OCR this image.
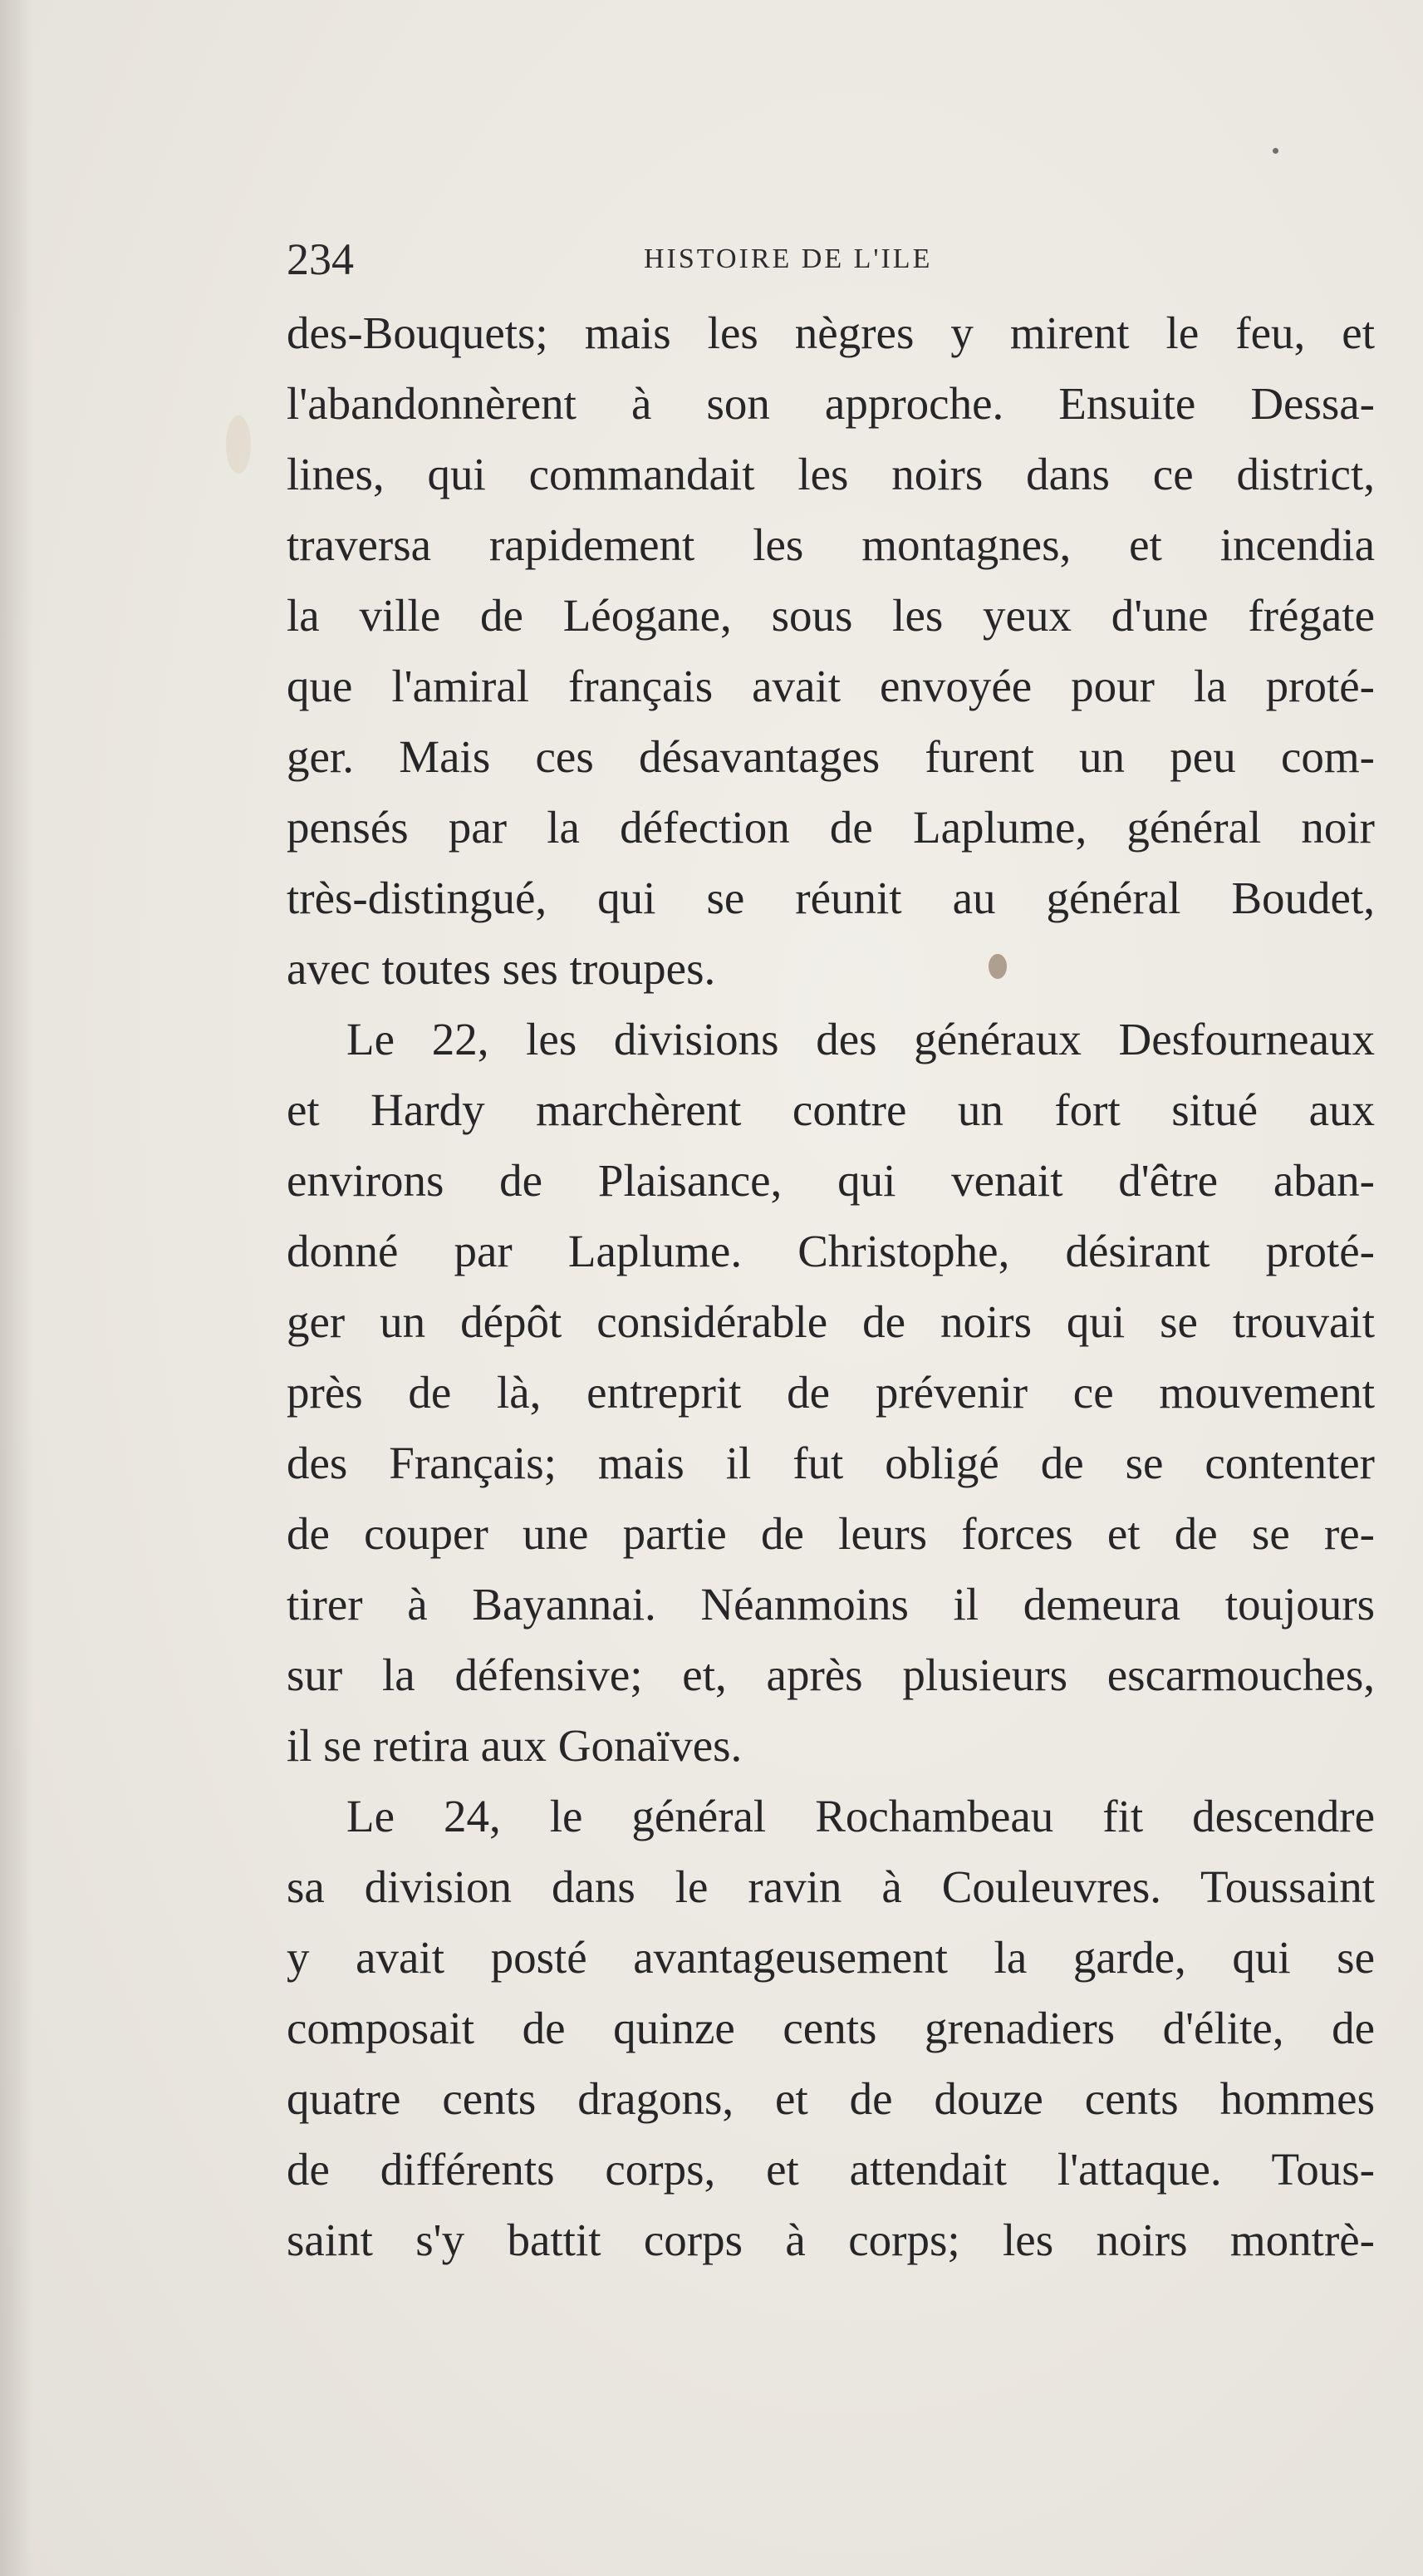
234	HISTOIRE DE L'ILE
des-Bouquets; mais les nègres y mirent le feu, et
l'abandonnèrent à son approche. Ensuite Dessa-
lines, qui commandait les noirs dans ce district,
traversa rapidement les montagnes, et incendia
la ville de Léogane, sous les yeux d'une frégate
que l'amiral français avait envoyée pour la proté-
ger. Mais ces désavantages furent un peu com-
pensés par la défection de Laplume, général noir
très-distingué, qui se réunit au général Boudet,
avec toutes ses troupes.
Le 22, les divisions des généraux Desfourneaux
et Hardy marchèrent contre un fort situé aux
environs de Plaisance, qui venait d'être aban-
donné par Laplume. Christophe, désirant proté-
ger un dépôt considérable de noirs qui se trouvait
près de là, entreprit de prévenir ce mouvement
des Français; mais il fut obligé de se contenter
de couper une partie de leurs forces et de se re-
tirer à Bayannai. Néanmoins il demeura toujours
sur la défensive; et, après plusieurs escarmouches,
il se retira aux Gonaïves.
Le 24, le général Rochambeau fit descendre
sa division dans le ravin à Couleuvres. Toussaint
y avait posté avantageusement la garde, qui se
composait de quinze cents grenadiers d'élite, de
quatre cents dragons, et de douze cents hommes
de différents corps, et attendait l'attaque. Tous-
saint s'y battit corps à corps; les noirs montrè-
